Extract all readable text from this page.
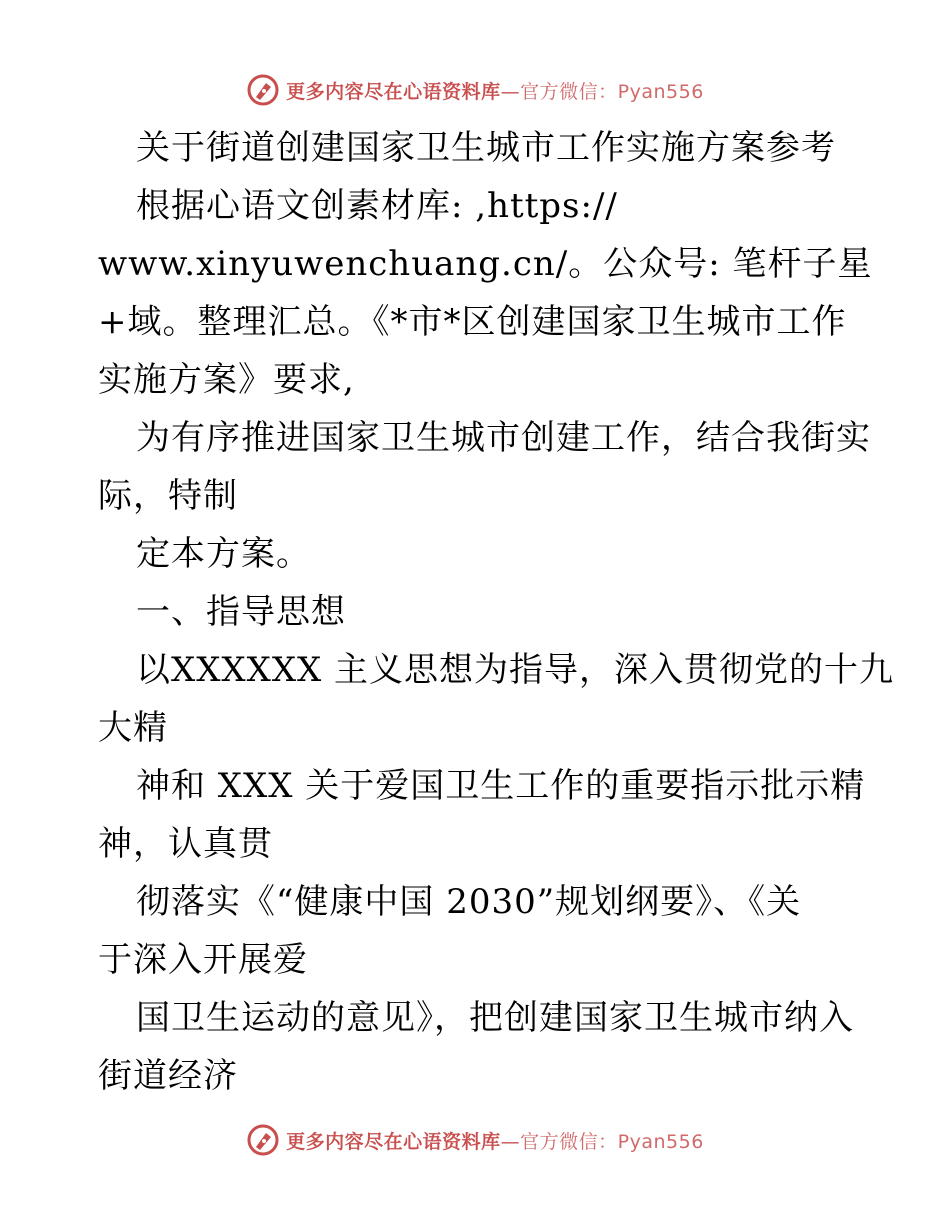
更多内容尽在心语资料库—官方微信：Pyan556
关于街道创建国家卫生城市工作实施方案参考
根据心语文创素材库: ,https://
www.xinyuwenchuang.cn/。公众号: 笔杆子星
+域。整理汇总。《*市*区创建国家卫生城市工作
实施方案》要求,
为有序推进国家卫生城市创建工作，结合我街实
际，特制
定本方案。
一、指导思想
以XXXXXX 主义思想为指导，深入贯彻党的十九
大精
神和 XXX 关于爱国卫生工作的重要指示批示精
神，认真贯
彻落实《“健康中国 2030”规划纲要》、《关
于深入开展爱
国卫生运动的意见》，把创建国家卫生城市纳入
街道经济
更多内容尽在心语资料库—官方微信：Pyan556
